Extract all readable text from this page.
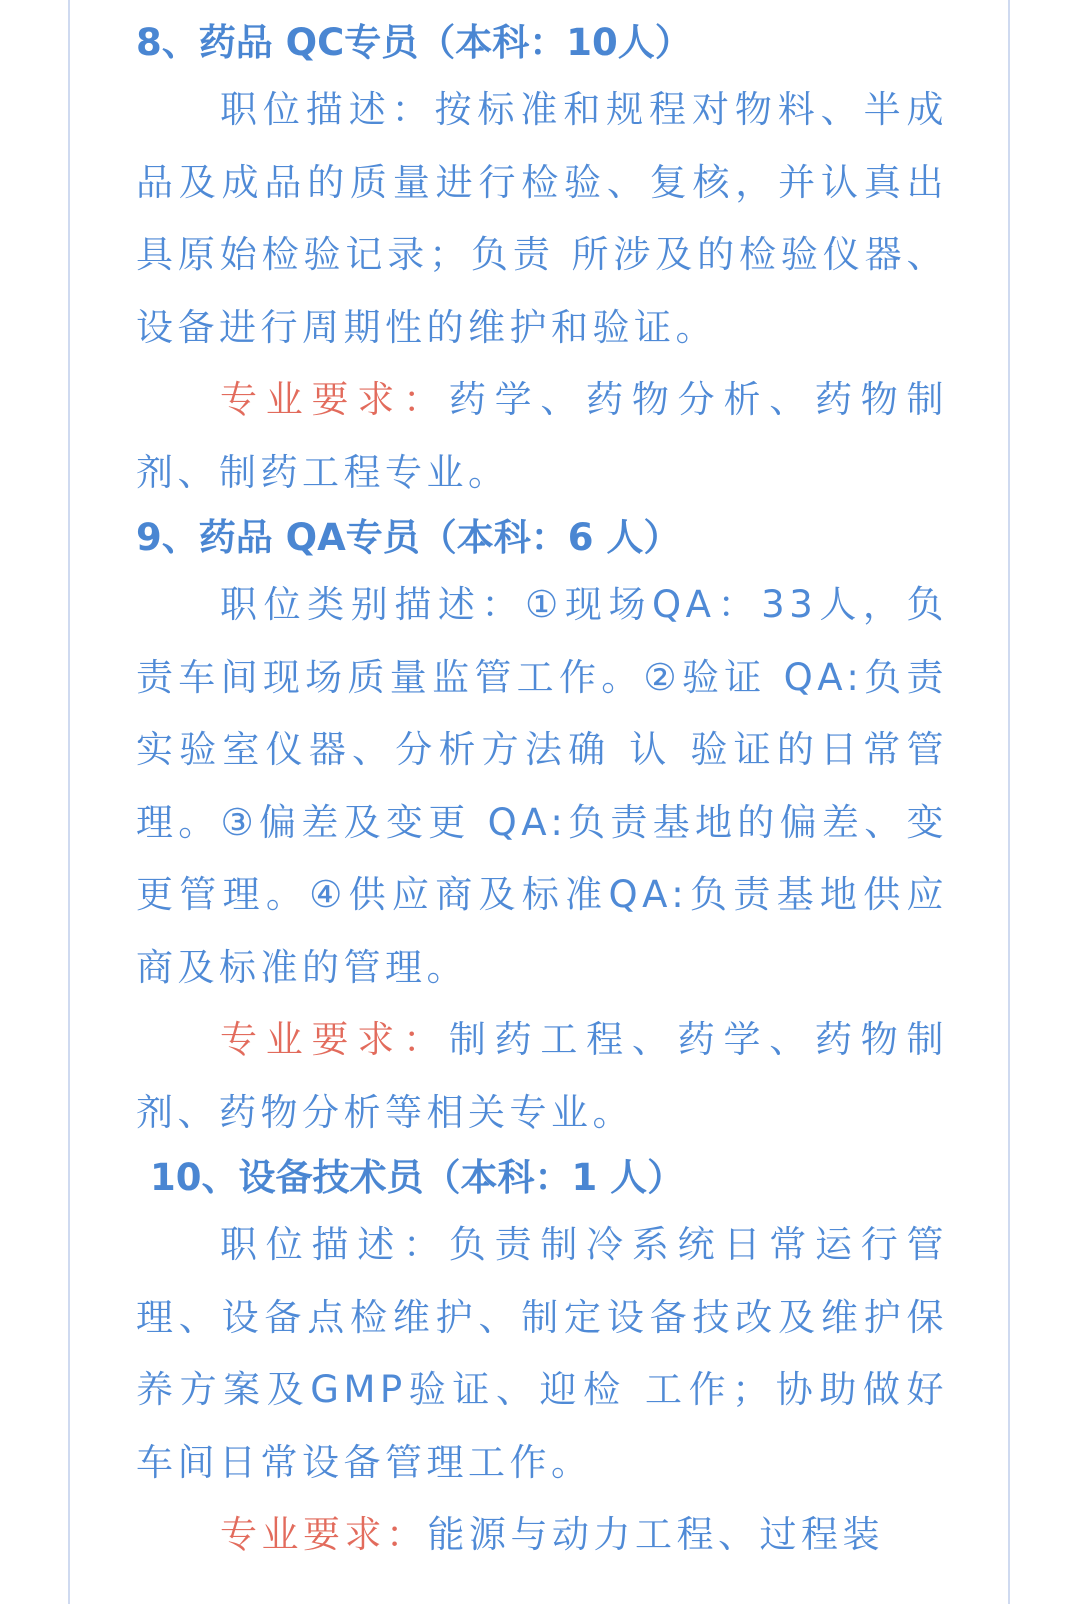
8、药品 QC专员（本科：10人）

职位描述：按标准和规程对物料、半成品及成品的质量进行检验、复核，并认真出具原始检验记录；负责 所涉及的检验仪器、设备进行周期性的维护和验证。

专业要求：药学、药物分析、药物制剂、制药工程专业。

9、药品 QA专员（本科：6 人）

职位类别描述：①现场QA：33人，负责车间现场质量监管工作。②验证 QA:负责实验室仪器、分析方法确 认 验证的日常管理。③偏差及变更 QA:负责基地的偏差、变更管理。④供应商及标准QA:负责基地供应商及标准的管理。

专业要求：制药工程、药学、药物制剂、药物分析等相关专业。

10、设备技术员（本科：1 人）

职位描述：负责制冷系统日常运行管理、设备点检维护、制定设备技改及维护保养方案及GMP验证、迎检 工作；协助做好车间日常设备管理工作。

专业要求：能源与动力工程、过程装
